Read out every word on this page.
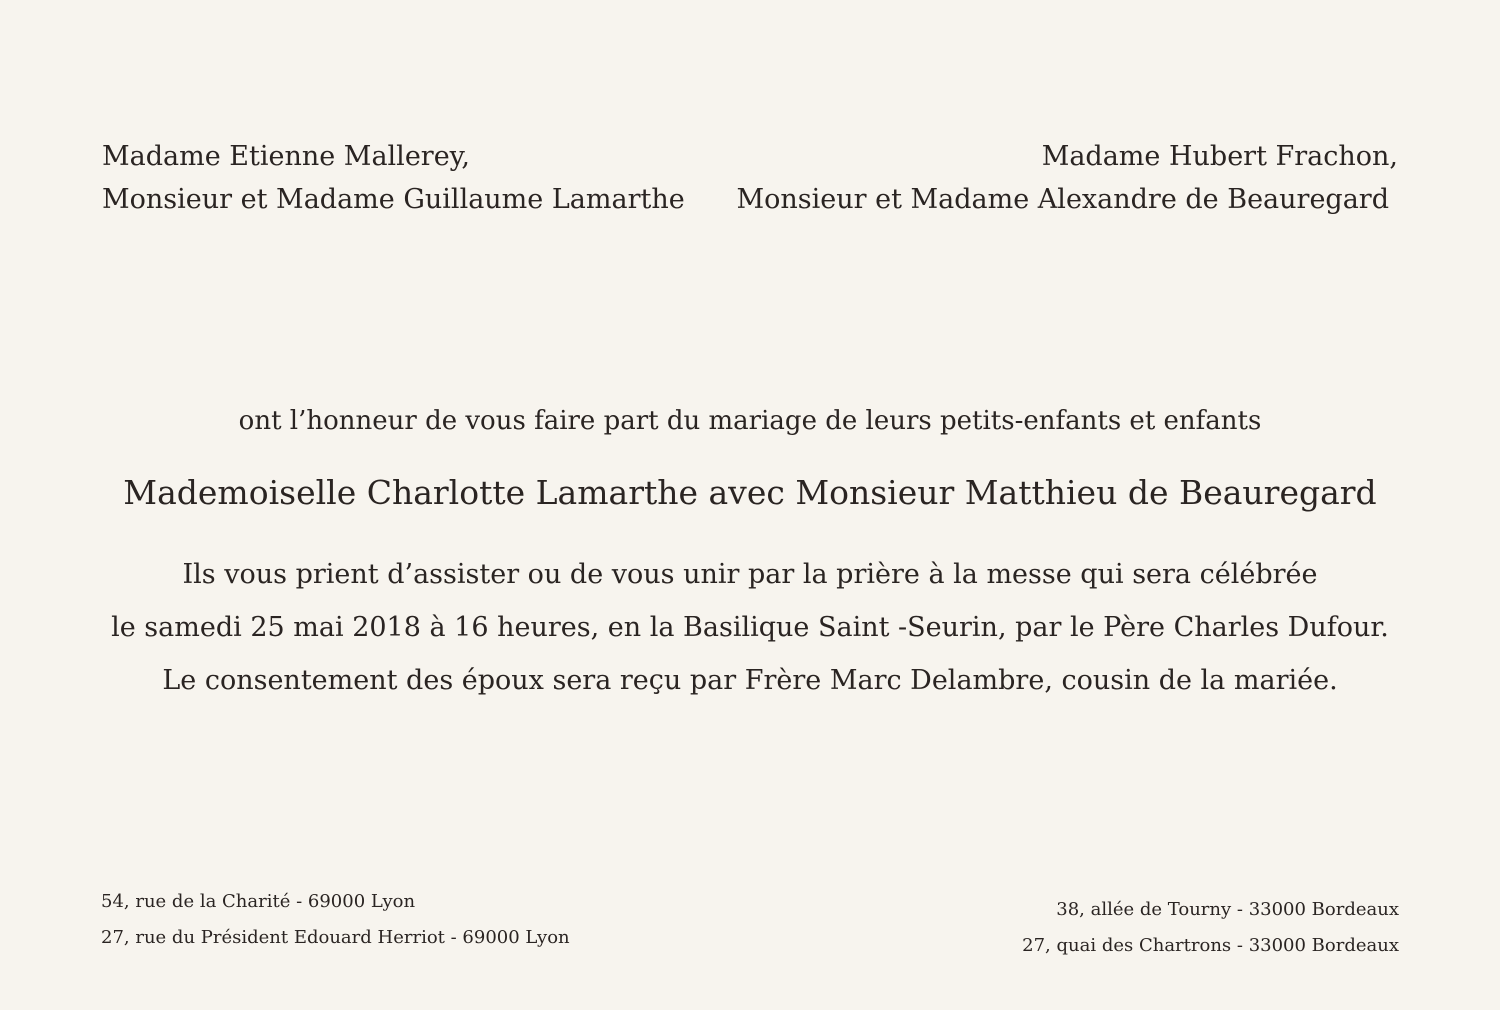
Madame Etienne Mallerey,
Monsieur et Madame Guillaume Lamarthe
Madame Hubert Frachon,
Monsieur et Madame Alexandre de Beauregard
ont l’honneur de vous faire part du mariage de leurs petits-enfants et enfants
Mademoiselle Charlotte Lamarthe avec Monsieur Matthieu de Beauregard
Ils vous prient d’assister ou de vous unir par la prière à la messe qui sera célébrée
le samedi 25 mai 2018 à 16 heures, en la Basilique Saint -Seurin, par le Père Charles Dufour.
Le consentement des époux sera reçu par Frère Marc Delambre, cousin de la mariée.
54, rue de la Charité - 69000 Lyon
27, rue du Président Edouard Herriot - 69000 Lyon
38, allée de Tourny - 33000 Bordeaux
27, quai des Chartrons - 33000 Bordeaux
